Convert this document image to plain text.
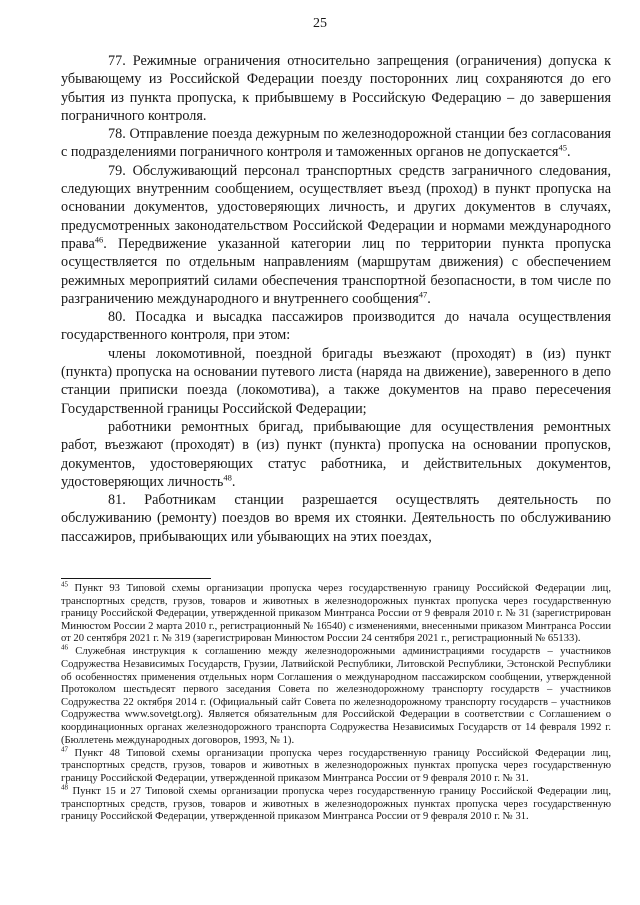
25

77. Режимные ограничения относительно запрещения (ограничения) допуска к убывающему из Российской Федерации поезду посторонних лиц сохраняются до его убытия из пункта пропуска, к прибывшему в Российскую Федерацию – до завершения пограничного контроля.

78. Отправление поезда дежурным по железнодорожной станции без согласования с подразделениями пограничного контроля и таможенных органов не допускается$^{45}$.

79. Обслуживающий персонал транспортных средств заграничного следования, следующих внутренним сообщением, осуществляет въезд (проход) в пункт пропуска на основании документов, удостоверяющих личность, и других документов в случаях, предусмотренных законодательством Российской Федерации и нормами международного права$^{46}$. Передвижение указанной категории лиц по территории пункта пропуска осуществляется по отдельным направлениям (маршрутам движения) с обеспечением режимных мероприятий силами обеспечения транспортной безопасности, в том числе по разграничению международного и внутреннего сообщения$^{47}$.

80. Посадка и высадка пассажиров производится до начала осуществления государственного контроля, при этом:

члены локомотивной, поездной бригады въезжают (проходят) в (из) пункт (пункта) пропуска на основании путевого листа (наряда на движение), заверенного в депо станции приписки поезда (локомотива), а также документов на право пересечения Государственной границы Российской Федерации;

работники ремонтных бригад, прибывающие для осуществления ремонтных работ, въезжают (проходят) в (из) пункт (пункта) пропуска на основании пропусков, документов, удостоверяющих статус работника, и действительных документов, удостоверяющих личность$^{48}$.

81. Работникам станции разрешается осуществлять деятельность по обслуживанию (ремонту) поездов во время их стоянки. Деятельность по обслуживанию пассажиров, прибывающих или убывающих на этих поездах,

$^{45}$ Пункт 93 Типовой схемы организации пропуска через государственную границу Российской Федерации лиц, транспортных средств, грузов, товаров и животных в железнодорожных пунктах пропуска через государственную границу Российской Федерации, утвержденной приказом Минтранса России от 9 февраля 2010 г. № 31 (зарегистрирован Минюстом России 2 марта 2010 г., регистрационный № 16540) с изменениями, внесенными приказом Минтранса России от 20 сентября 2021 г. № 319 (зарегистрирован Минюстом России 24 сентября 2021 г., регистрационный № 65133).

$^{46}$ Служебная инструкция к соглашению между железнодорожными администрациями государств – участников Содружества Независимых Государств, Грузии, Латвийской Республики, Литовской Республики, Эстонской Республики об особенностях применения отдельных норм Соглашения о международном пассажирском сообщении, утвержденной Протоколом шестьдесят первого заседания Совета по железнодорожному транспорту государств – участников Содружества 22 октября 2014 г. (Официальный сайт Совета по железнодорожному транспорту государств – участников Содружества www.sovetgt.org). Является обязательным для Российской Федерации в соответствии с Соглашением о координационных органах железнодорожного транспорта Содружества Независимых Государств от 14 февраля 1992 г. (Бюллетень международных договоров, 1993, № 1).

$^{47}$ Пункт 48 Типовой схемы организации пропуска через государственную границу Российской Федерации лиц, транспортных средств, грузов, товаров и животных в железнодорожных пунктах пропуска через государственную границу Российской Федерации, утвержденной приказом Минтранса России от 9 февраля 2010 г. № 31.

$^{48}$ Пункт 15 и 27 Типовой схемы организации пропуска через государственную границу Российской Федерации лиц, транспортных средств, грузов, товаров и животных в железнодорожных пунктах пропуска через государственную границу Российской Федерации, утвержденной приказом Минтранса России от 9 февраля 2010 г. № 31.
